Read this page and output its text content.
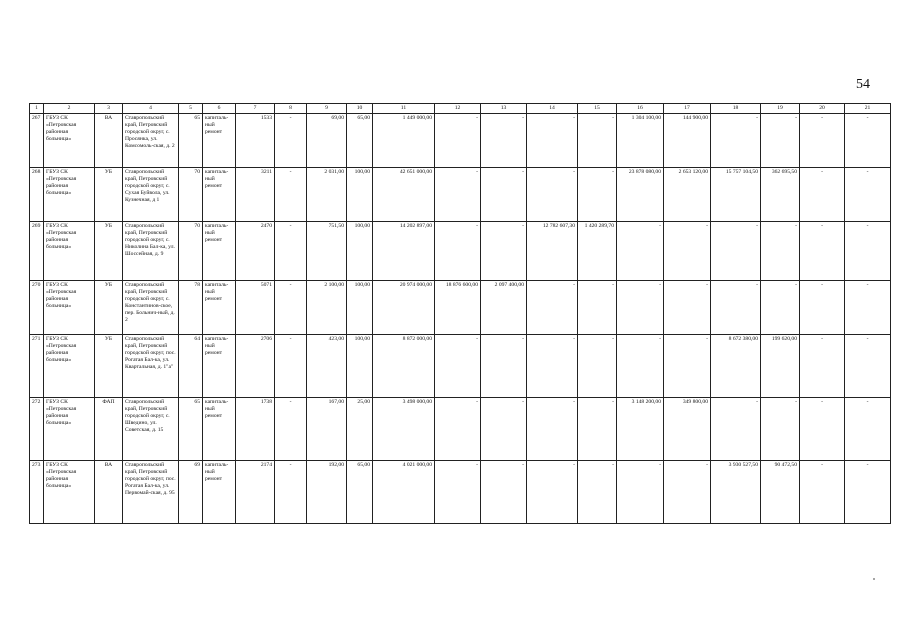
54
1	2	3	4	5	6	7	8	9	10	11	12	13	14	15	16	17	18	19	20	21
267	ГБУЗ СК «Петровская районная больница»	ВА	Ставропольский край, Петровский городской округ, с. Просянка, ул. Комсомоль-ская, д. 2	65	капиталь-ный ремонт	1533	-	69,00	65,00	1 449 000,00	-	-	-	-	1 304 100,00	144 900,00	-	-	-	-
268	ГБУЗ СК «Петровская районная больница»	УБ	Ставропольский край, Петровский городской округ, с. Сухая Буйвола, ул. Кузнечная, д 1	70	капиталь-ный ремонт	3211	-	2 031,00	100,00	42 651 000,00	-	-	-	-	23 878 080,00	2 653 120,00	15 757 104,50	362 695,50	-	-
269	ГБУЗ СК «Петровская районная больница»	УБ	Ставропольский край, Петровский городской округ, с. Николина Бал-ка, ул. Шоссейная, д. 9	70	капиталь-ный ремонт	2470	-	751,50	100,00	14 202 897,00	-	-	12 782 607,30	1 420 289,70	-	-	-	-	-	-
270	ГБУЗ СК «Петровская районная больница»	УБ	Ставропольский край, Петровский городской округ, с. Константинов-ское, пер. Больнич-ный, д. 2	78	капиталь-ный ремонт	5071	-	2 100,00	100,00	20 974 000,00	18 876 600,00	2 097 400,00	-	-	-	-	-	-	-	-
271	ГБУЗ СК «Петровская районная больница»	УБ	Ставропольский край, Петровский городской округ, пос. Рогатая Бал-ка, ул. Квартальная, д. 1"а"	64	капиталь-ный ремонт	2706	-	423,00	100,00	8 872 000,00	-	-	-	-	-	-	8 672 380,00	199 620,00	-	-
272	ГБУЗ СК «Петровская районная больница»	ФАП	Ставропольский край, Петровский городской округ, с. Шведино, ул. Советская, д. 15	65	капиталь-ный ремонт	1738	-	167,00	25,00	3 498 000,00	-	-	-	-	3 148 200,00	349 800,00	-	-	-	-
273	ГБУЗ СК «Петровская районная больница»	ВА	Ставропольский край, Петровский городской округ, пос. Рогатая Бал-ка, ул. Первомай-ская, д. 95	69	капиталь-ный ремонт	2174	-	192,00	65,00	4 021 000,00	-	-	-	-	-	-	3 930 527,50	90 472,50	-	-
